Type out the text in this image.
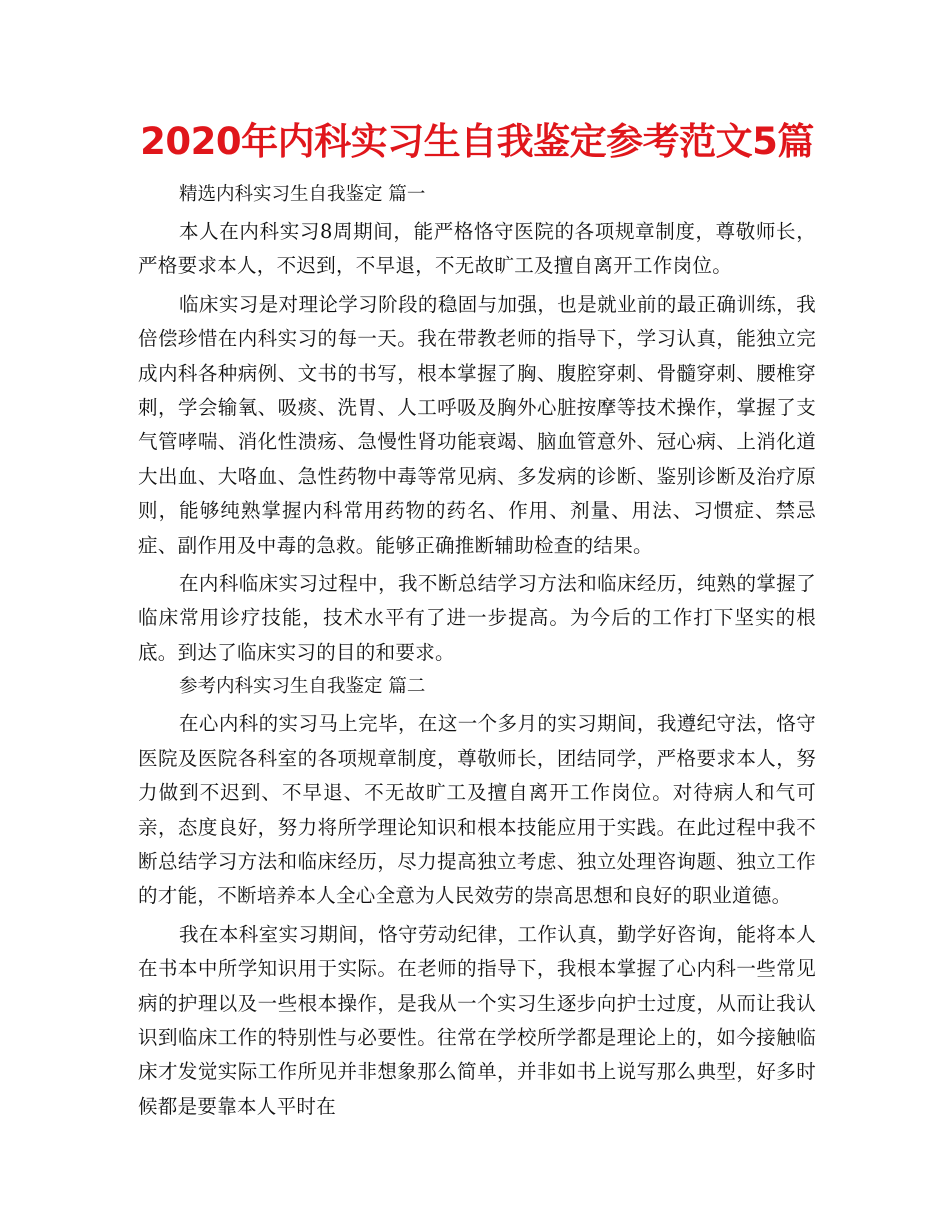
2020年内科实习生自我鉴定参考范文5篇

精选内科实习生自我鉴定 篇一

本人在内科实习8周期间，能严格恪守医院的各项规章制度，尊敬师长，严格要求本人，不迟到，不早退，不无故旷工及擅自离开工作岗位。

临床实习是对理论学习阶段的稳固与加强，也是就业前的最正确训练，我倍偿珍惜在内科实习的每一天。我在带教老师的指导下，学习认真，能独立完成内科各种病例、文书的书写，根本掌握了胸、腹腔穿刺、骨髓穿刺、腰椎穿刺，学会输氧、吸痰、洗胃、人工呼吸及胸外心脏按摩等技术操作，掌握了支气管哮喘、消化性溃疡、急慢性肾功能衰竭、脑血管意外、冠心病、上消化道大出血、大咯血、急性药物中毒等常见病、多发病的诊断、鉴别诊断及治疗原则，能够纯熟掌握内科常用药物的药名、作用、剂量、用法、习惯症、禁忌症、副作用及中毒的急救。能够正确推断辅助检查的结果。

在内科临床实习过程中，我不断总结学习方法和临床经历，纯熟的掌握了临床常用诊疗技能，技术水平有了进一步提高。为今后的工作打下坚实的根底。到达了临床实习的目的和要求。

参考内科实习生自我鉴定 篇二

在心内科的实习马上完毕，在这一个多月的实习期间，我遵纪守法，恪守医院及医院各科室的各项规章制度，尊敬师长，团结同学，严格要求本人，努力做到不迟到、不早退、不无故旷工及擅自离开工作岗位。对待病人和气可亲，态度良好，努力将所学理论知识和根本技能应用于实践。在此过程中我不断总结学习方法和临床经历，尽力提高独立考虑、独立处理咨询题、独立工作的才能，不断培养本人全心全意为人民效劳的崇高思想和良好的职业道德。

我在本科室实习期间，恪守劳动纪律，工作认真，勤学好咨询，能将本人在书本中所学知识用于实际。在老师的指导下，我根本掌握了心内科一些常见病的护理以及一些根本操作，是我从一个实习生逐步向护士过度，从而让我认识到临床工作的特别性与必要性。往常在学校所学都是理论上的，如今接触临床才发觉实际工作所见并非想象那么简单，并非如书上说写那么典型，好多时候都是要靠本人平时在
